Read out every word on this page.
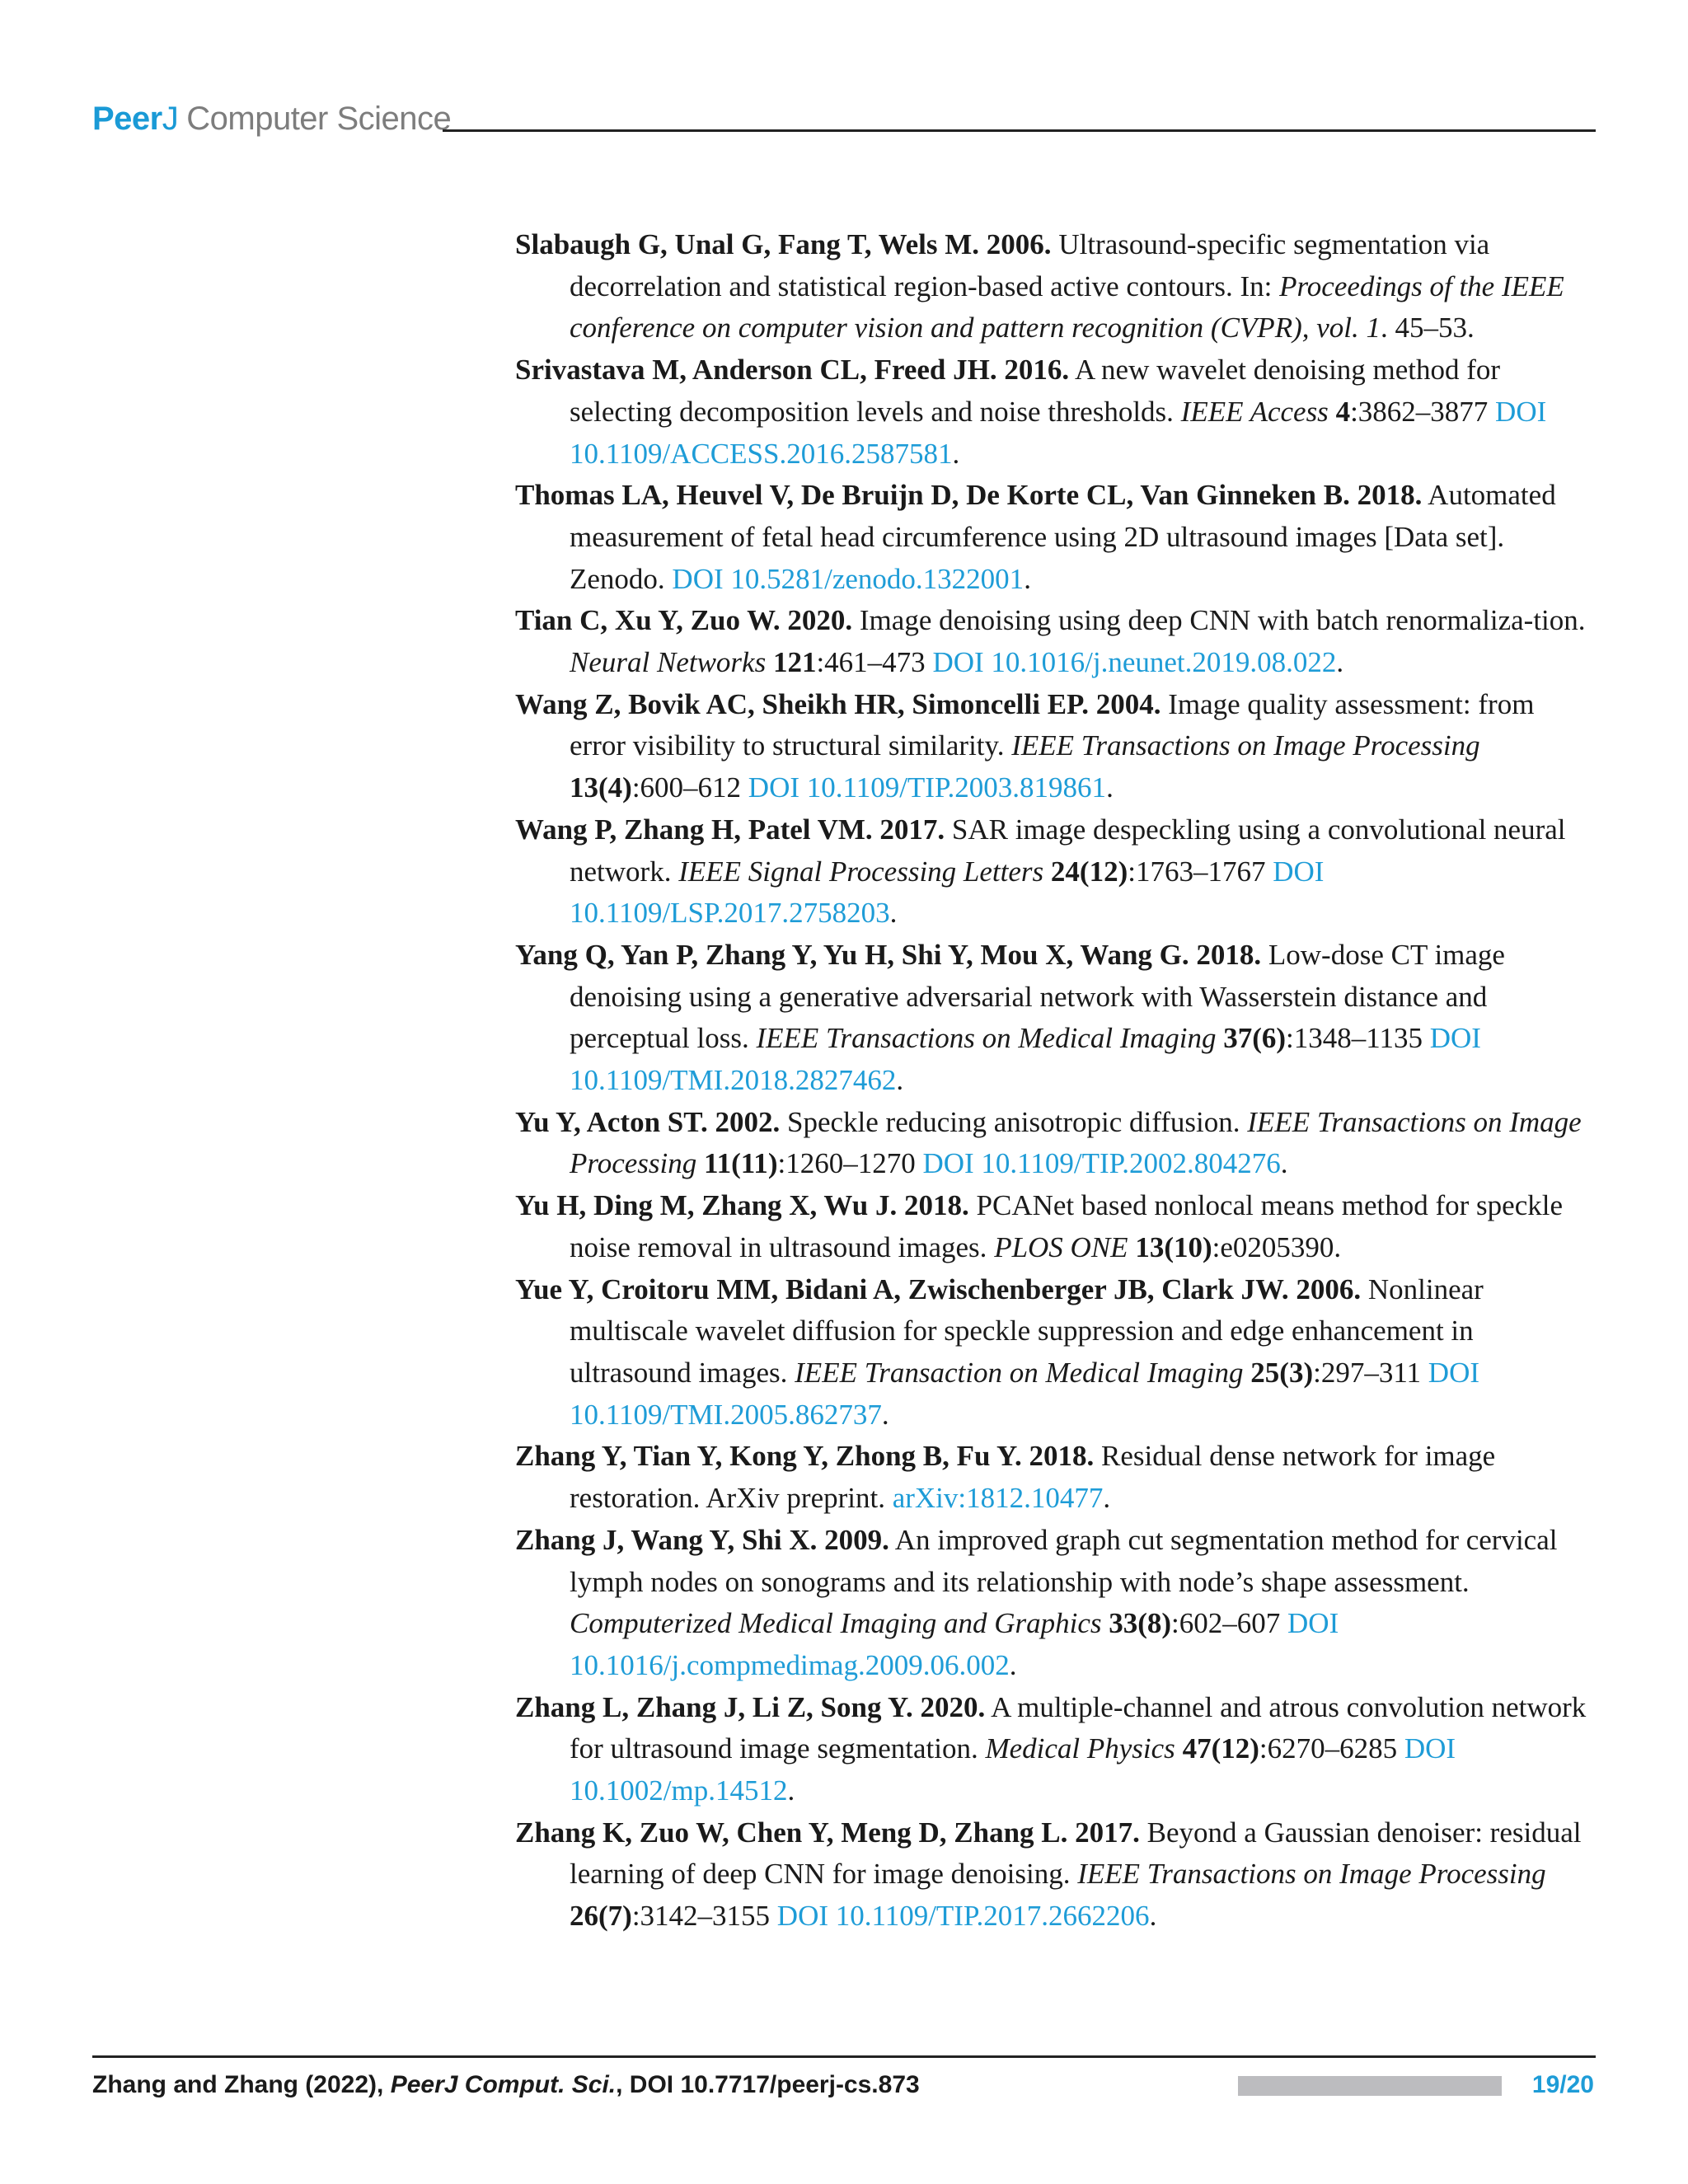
PeerJ Computer Science

Slabaugh G, Unal G, Fang T, Wels M. 2006. Ultrasound-specific segmentation via decorrelation and statistical region-based active contours. In: Proceedings of the IEEE conference on computer vision and pattern recognition (CVPR), vol. 1. 45–53.

Srivastava M, Anderson CL, Freed JH. 2016. A new wavelet denoising method for selecting decomposition levels and noise thresholds. IEEE Access 4:3862–3877 DOI 10.1109/ACCESS.2016.2587581.

Thomas LA, Heuvel V, De Bruijn D, De Korte CL, Van Ginneken B. 2018. Automated measurement of fetal head circumference using 2D ultrasound images [Data set]. Zenodo. DOI 10.5281/zenodo.1322001.

Tian C, Xu Y, Zuo W. 2020. Image denoising using deep CNN with batch renormaliza-tion. Neural Networks 121:461–473 DOI 10.1016/j.neunet.2019.08.022.

Wang Z, Bovik AC, Sheikh HR, Simoncelli EP. 2004. Image quality assessment: from error visibility to structural similarity. IEEE Transactions on Image Processing 13(4):600–612 DOI 10.1109/TIP.2003.819861.

Wang P, Zhang H, Patel VM. 2017. SAR image despeckling using a convolutional neural network. IEEE Signal Processing Letters 24(12):1763–1767 DOI 10.1109/LSP.2017.2758203.

Yang Q, Yan P, Zhang Y, Yu H, Shi Y, Mou X, Wang G. 2018. Low-dose CT image denoising using a generative adversarial network with Wasserstein distance and perceptual loss. IEEE Transactions on Medical Imaging 37(6):1348–1135 DOI 10.1109/TMI.2018.2827462.

Yu Y, Acton ST. 2002. Speckle reducing anisotropic diffusion. IEEE Transactions on Image Processing 11(11):1260–1270 DOI 10.1109/TIP.2002.804276.

Yu H, Ding M, Zhang X, Wu J. 2018. PCANet based nonlocal means method for speckle noise removal in ultrasound images. PLOS ONE 13(10):e0205390.

Yue Y, Croitoru MM, Bidani A, Zwischenberger JB, Clark JW. 2006. Nonlinear multiscale wavelet diffusion for speckle suppression and edge enhancement in ultrasound images. IEEE Transaction on Medical Imaging 25(3):297–311 DOI 10.1109/TMI.2005.862737.

Zhang Y, Tian Y, Kong Y, Zhong B, Fu Y. 2018. Residual dense network for image restoration. ArXiv preprint. arXiv:1812.10477.

Zhang J, Wang Y, Shi X. 2009. An improved graph cut segmentation method for cervical lymph nodes on sonograms and its relationship with node’s shape assessment. Computerized Medical Imaging and Graphics 33(8):602–607 DOI 10.1016/j.compmedimag.2009.06.002.

Zhang L, Zhang J, Li Z, Song Y. 2020. A multiple-channel and atrous convolution network for ultrasound image segmentation. Medical Physics 47(12):6270–6285 DOI 10.1002/mp.14512.

Zhang K, Zuo W, Chen Y, Meng D, Zhang L. 2017. Beyond a Gaussian denoiser: residual learning of deep CNN for image denoising. IEEE Transactions on Image Processing 26(7):3142–3155 DOI 10.1109/TIP.2017.2662206.

Zhang and Zhang (2022), PeerJ Comput. Sci., DOI 10.7717/peerj-cs.873	19/20
